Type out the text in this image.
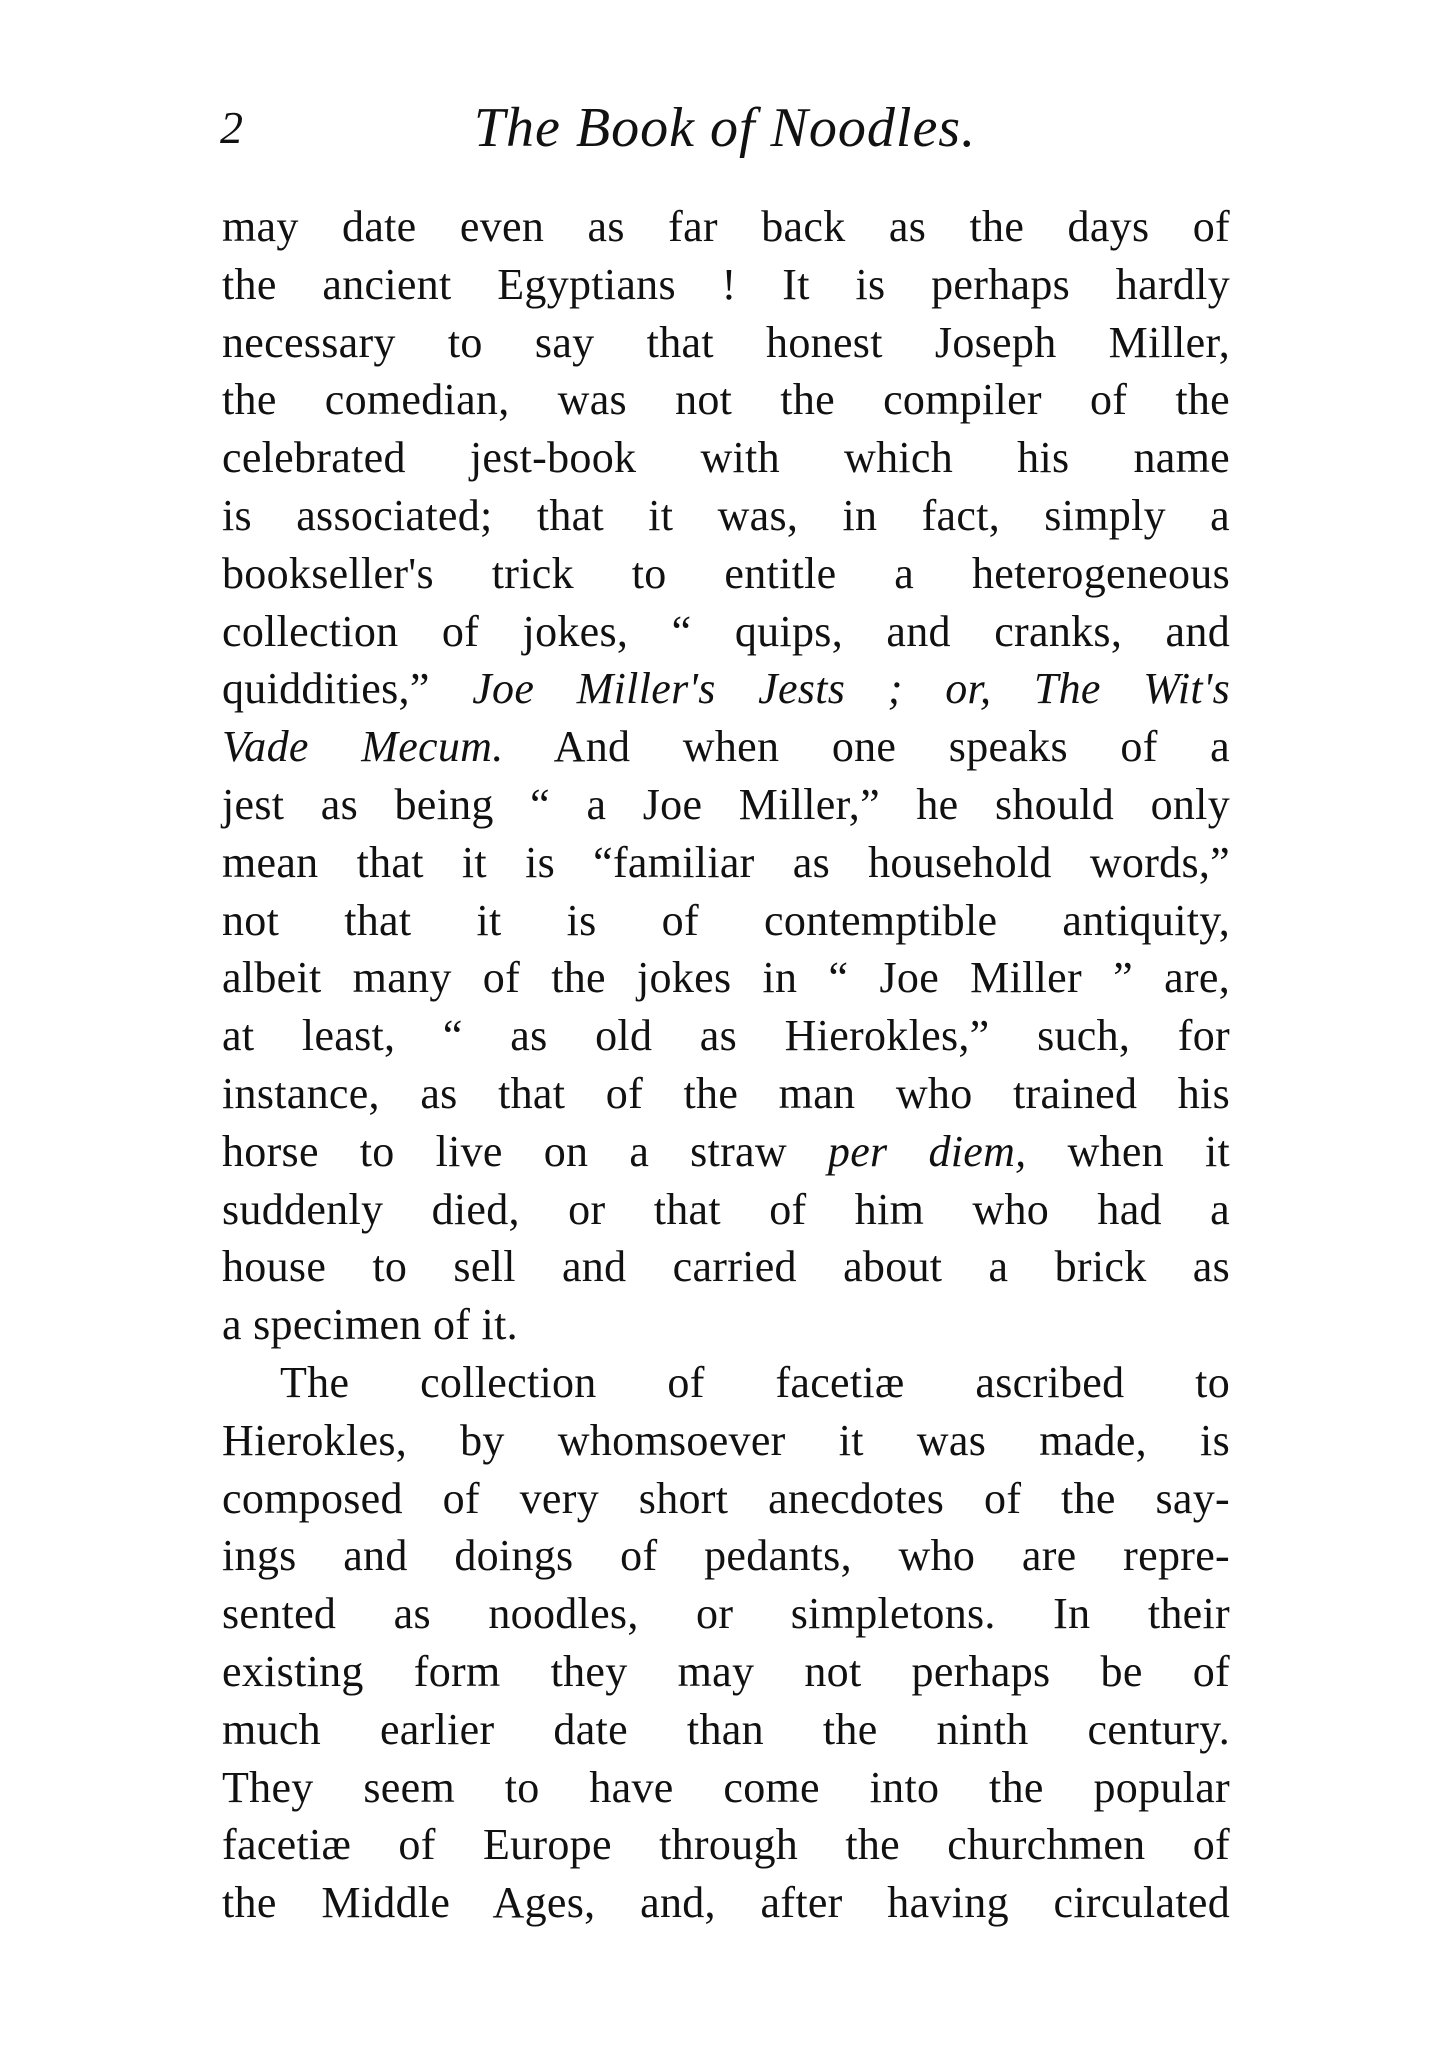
2	The Book of Noodles.
may date even as far back as the days of
the ancient Egyptians ! It is perhaps hardly
necessary to say that honest Joseph Miller,
the comedian, was not the compiler of the
celebrated jest-book with which his name
is associated; that it was, in fact, simply a
bookseller's trick to entitle a heterogeneous
collection of jokes, “ quips, and cranks, and
quiddities,” Joe Miller's Jests ; or, The Wit's
Vade Mecum. And when one speaks of a
jest as being “ a Joe Miller,” he should only
mean that it is “familiar as household words,”
not that it is of contemptible antiquity,
albeit many of the jokes in “ Joe Miller ” are,
at least, “ as old as Hierokles,” such, for
instance, as that of the man who trained his
horse to live on a straw per diem, when it
suddenly died, or that of him who had a
house to sell and carried about a brick as
a specimen of it.
The collection of facetiæ ascribed to
Hierokles, by whomsoever it was made, is
composed of very short anecdotes of the say-
ings and doings of pedants, who are repre-
sented as noodles, or simpletons. In their
existing form they may not perhaps be of
much earlier date than the ninth century.
They seem to have come into the popular
facetiæ of Europe through the churchmen of
the Middle Ages, and, after having circulated
